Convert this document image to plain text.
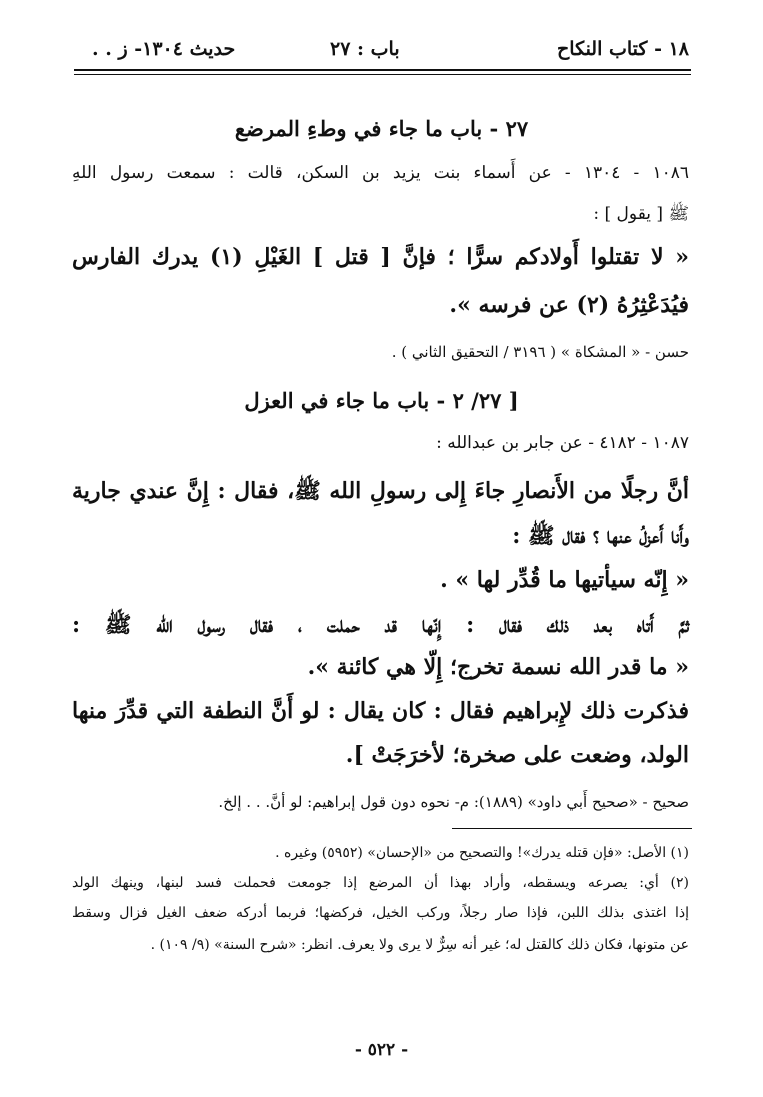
١٨ - كتاب النكاح
باب : ٢٧
حديث ١٣٠٤- ز . .
٢٧ - باب ما جاء في وطءِ المرضع
١٠٨٦ - ١٣٠٤ - عن أَسماء بنت يزيد بن السكن، قالت : سمعت رسول اللهِ
ﷺ [ يقول ] :
« لا تقتلوا أَولادكم سرًّا ؛ فإنَّ [ قتل ] الغَيْلِ (١) يدرك الفارس
فيُدَعْثِرُهُ (٢) عن فرسه ».
حسن - « المشكاة » ( ٣١٩٦ / التحقيق الثاني ) .
[ ٢٧/ ٢ - باب ما جاء في العزل
١٠٨٧ - ٤١٨٢ - عن جابر بن عبدالله :
أنَّ رجلًا من الأَنصارِ جاءَ إِلى رسولِ الله ﷺ، فقال : إِنَّ عندي جارية
وأَنا أَعزلُ عنها ؟ فقال ﷺ :
« إِنّه سيأتيها ما قُدِّر لها » .
ثمَّ أَتاه بعد ذلك فقال : إِنّها قد حملت ، فقال رسول الله ﷺ :
« ما قدر الله نسمة تخرج؛ إِلّا هي كائنة ».
فذكرت ذلك لإِبراهيم فقال : كان يقال : لو أَنَّ النطفة التي قدِّرَ منها
الولد، وضعت على صخرة؛ لأخرَجَتْ ].
صحيح - «صحيح أَبي داود» (١٨٨٩): م- نحوه دون قول إبراهيم: لو أنَّ. . . إلخ.
(١) الأصل: «فإن قتله يدرك»! والتصحيح من «الإحسان» (٥٩٥٢) وغيره .
(٢) أي: يصرعه ويسقطه، وأراد بهذا أن المرضع إذا جومعت فحملت فسد لبنها، وينهك الولد
إذا اغتذى بذلك اللبن، فإذا صار رجلاً، وركب الخيل، فركضها؛ فربما أدركه ضعف الغيل فزال وسقط
عن متونها، فكان ذلك كالقتل له؛ غير أنه سِرٌّ لا يرى ولا يعرف. انظر: «شرح السنة» (٩/ ١٠٩) .
- ٥٢٢ -
